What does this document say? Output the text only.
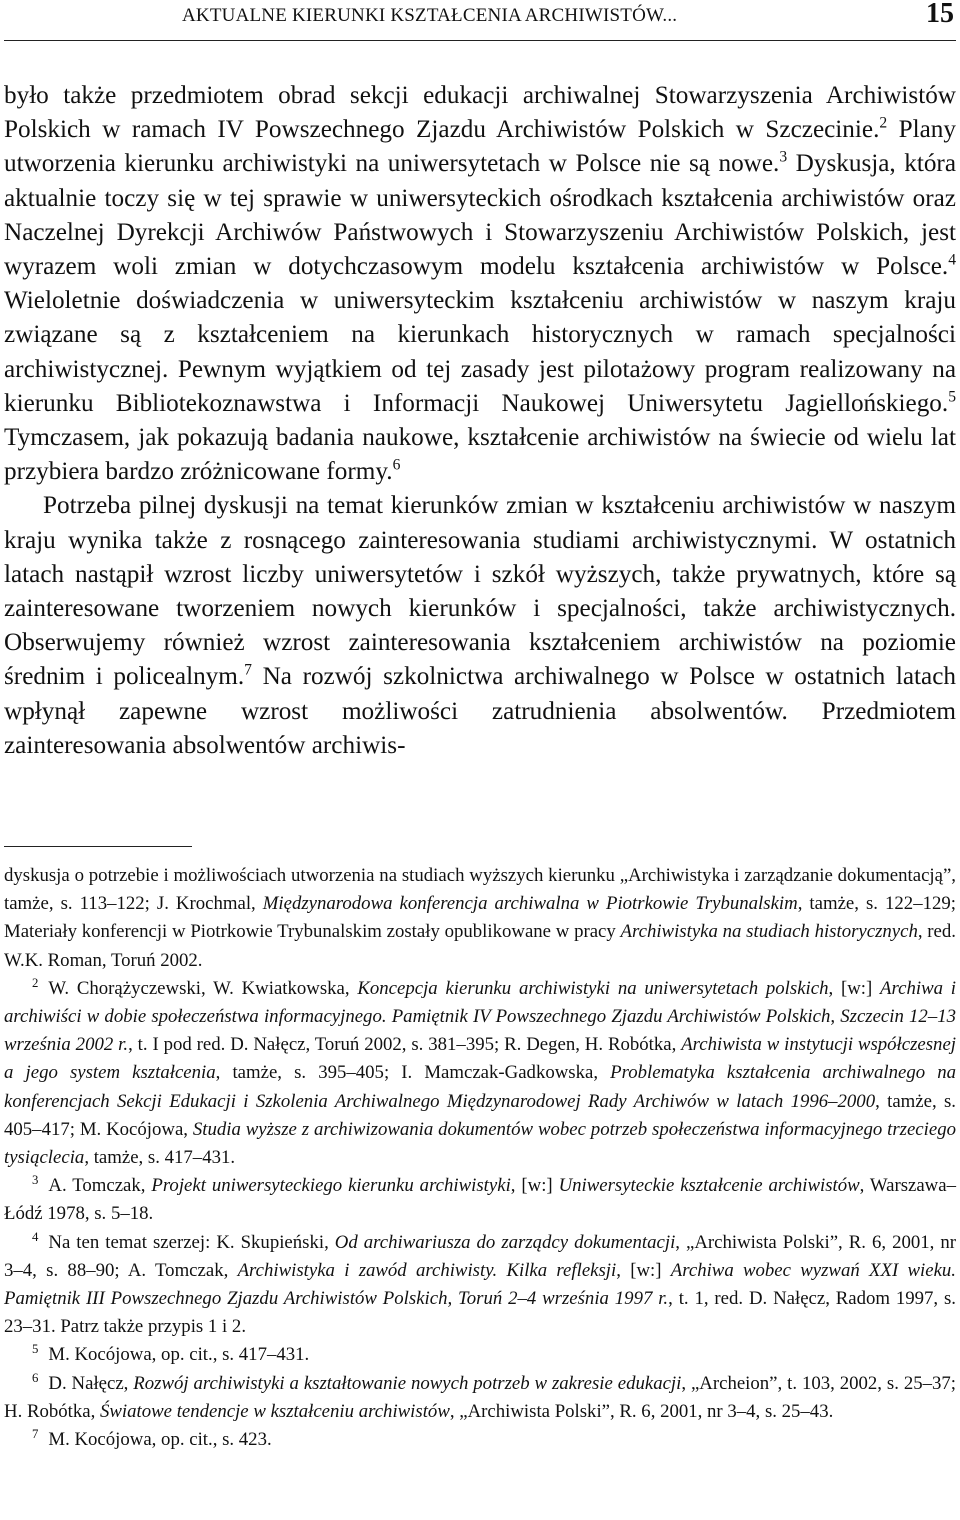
AKTUALNE KIERUNKI KSZTAŁCENIA ARCHIWISTÓW...	15

było także przedmiotem obrad sekcji edukacji archiwalnej Stowarzyszenia Archiwistów Polskich w ramach IV Powszechnego Zjazdu Archiwistów Polskich w Szczecinie.$^2$ Plany utworzenia kierunku archiwistyki na uniwersytetach w Polsce nie są nowe.$^3$ Dyskusja, która aktualnie toczy się w tej sprawie w uniwersyteckich ośrodkach kształcenia archiwistów oraz Naczelnej Dyrekcji Archiwów Państwowych i Stowarzyszeniu Archiwistów Polskich, jest wyrazem woli zmian w dotychczasowym modelu kształcenia archiwistów w Polsce.$^4$ Wieloletnie doświadczenia w uniwersyteckim kształceniu archiwistów w naszym kraju związane są z kształceniem na kierunkach historycznych w ramach specjalności archiwistycznej. Pewnym wyjątkiem od tej zasady jest pilotażowy program realizowany na kierunku Bibliotekoznawstwa i Informacji Naukowej Uniwersytetu Jagiellońskiego.$^5$ Tymczasem, jak pokazują badania naukowe, kształcenie archiwistów na świecie od wielu lat przybiera bardzo zróżnicowane formy.$^6$

Potrzeba pilnej dyskusji na temat kierunków zmian w kształceniu archiwistów w naszym kraju wynika także z rosnącego zainteresowania studiami archiwistycznymi. W ostatnich latach nastąpił wzrost liczby uniwersytetów i szkół wyższych, także prywatnych, które są zainteresowane tworzeniem nowych kierunków i specjalności, także archiwistycznych. Obserwujemy również wzrost zainteresowania kształceniem archiwistów na poziomie średnim i policealnym.$^7$ Na rozwój szkolnictwa archiwalnego w Polsce w ostatnich latach wpłynął zapewne wzrost możliwości zatrudnienia absolwentów. Przedmiotem zainteresowania absolwentów archiwis-

dyskusja o potrzebie i możliwościach utworzenia na studiach wyższych kierunku „Archiwistyka i zarządzanie dokumentacją”, tamże, s. 113–122; J. Krochmal, Międzynarodowa konferencja archiwalna w Piotrkowie Trybunalskim, tamże, s. 122–129; Materiały konferencji w Piotrkowie Trybunalskim zostały opublikowane w pracy Archiwistyka na studiach historycznych, red. W.K. Roman, Toruń 2002.

$^2$ W. Chorążyczewski, W. Kwiatkowska, Koncepcja kierunku archiwistyki na uniwersytetach polskich, [w:] Archiwa i archiwiści w dobie społeczeństwa informacyjnego. Pamiętnik IV Powszechnego Zjazdu Archiwistów Polskich, Szczecin 12–13 września 2002 r., t. I pod red. D. Nałęcz, Toruń 2002, s. 381–395; R. Degen, H. Robótka, Archiwista w instytucji współczesnej a jego system kształcenia, tamże, s. 395–405; I. Mamczak-Gadkowska, Problematyka kształcenia archiwalnego na konferencjach Sekcji Edukacji i Szkolenia Archiwalnego Międzynarodowej Rady Archiwów w latach 1996–2000, tamże, s. 405–417; M. Kocójowa, Studia wyższe z archiwizowania dokumentów wobec potrzeb społeczeństwa informacyjnego trzeciego tysiąclecia, tamże, s. 417–431.

$^3$ A. Tomczak, Projekt uniwersyteckiego kierunku archiwistyki, [w:] Uniwersyteckie kształcenie archiwistów, Warszawa–Łódź 1978, s. 5–18.

$^4$ Na ten temat szerzej: K. Skupieński, Od archiwariusza do zarządcy dokumentacji, „Archiwista Polski”, R. 6, 2001, nr 3–4, s. 88–90; A. Tomczak, Archiwistyka i zawód archiwisty. Kilka refleksji, [w:] Archiwa wobec wyzwań XXI wieku. Pamiętnik III Powszechnego Zjazdu Archiwistów Polskich, Toruń 2–4 września 1997 r., t. 1, red. D. Nałęcz, Radom 1997, s. 23–31. Patrz także przypis 1 i 2.

$^5$ M. Kocójowa, op. cit., s. 417–431.

$^6$ D. Nałęcz, Rozwój archiwistyki a kształtowanie nowych potrzeb w zakresie edukacji, „Archeion”, t. 103, 2002, s. 25–37; H. Robótka, Światowe tendencje w kształceniu archiwistów, „Archiwista Polski”, R. 6, 2001, nr 3–4, s. 25–43.

$^7$ M. Kocójowa, op. cit., s. 423.
